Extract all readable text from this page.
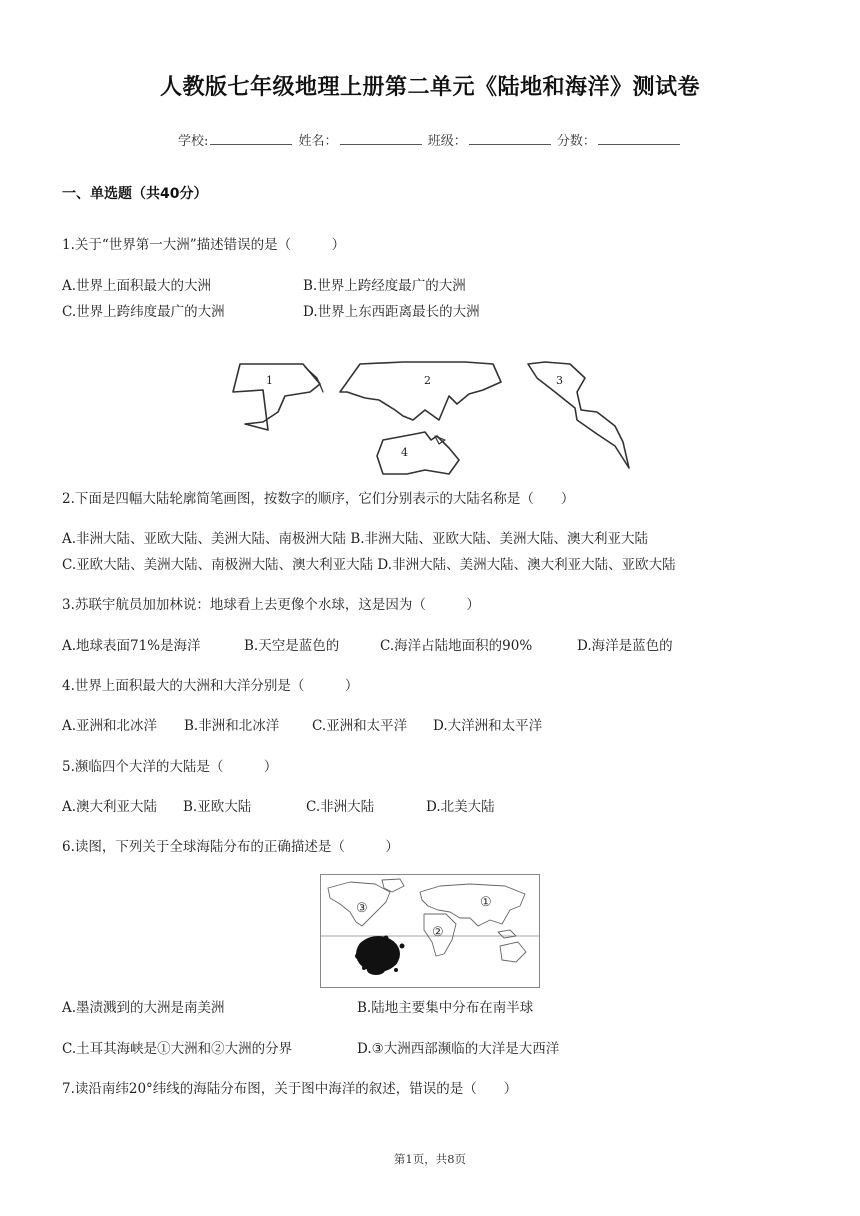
人教版七年级地理上册第二单元《陆地和海洋》测试卷
学校:	姓名：	班级：	分数：
一、单选题（共40分）
1.关于“世界第一大洲”描述错误的是（　　　）
A.世界上面积最大的大洲	B.世界上跨经度最广的大洲
C.世界上跨纬度最广的大洲	D.世界上东西距离最长的大洲
1	2	3
4
2.下面是四幅大陆轮廓简笔画图，按数字的顺序，它们分别表示的大陆名称是（　　）
A.非洲大陆、亚欧大陆、美洲大陆、南极洲大陆 B.非洲大陆、亚欧大陆、美洲大陆、澳大利亚大陆
C.亚欧大陆、美洲大陆、南极洲大陆、澳大利亚大陆 D.非洲大陆、美洲大陆、澳大利亚大陆、亚欧大陆
3.苏联宇航员加加林说：地球看上去更像个水球，这是因为（　　　）
A.地球表面71%是海洋	B.天空是蓝色的	C.海洋占陆地面积的90%	D.海洋是蓝色的
4.世界上面积最大的大洲和大洋分别是（　　　）
A.亚洲和北冰洋 B.非洲和北冰洋 C.亚洲和太平洋 D.大洋洲和太平洋
5.濒临四个大洋的大陆是（　　　）
A.澳大利亚大陆 B.亚欧大陆	C.非洲大陆	D.北美大陆
6.读图，下列关于全球海陆分布的正确描述是（　　　）
③
②
①
A.墨渍溅到的大洲是南美洲	B.陆地主要集中分布在南半球
C.土耳其海峡是①大洲和②大洲的分界	D.③大洲西部濒临的大洋是大西洋
7.读沿南纬20°纬线的海陆分布图，关于图中海洋的叙述，错误的是（　　）
第1页，共8页
